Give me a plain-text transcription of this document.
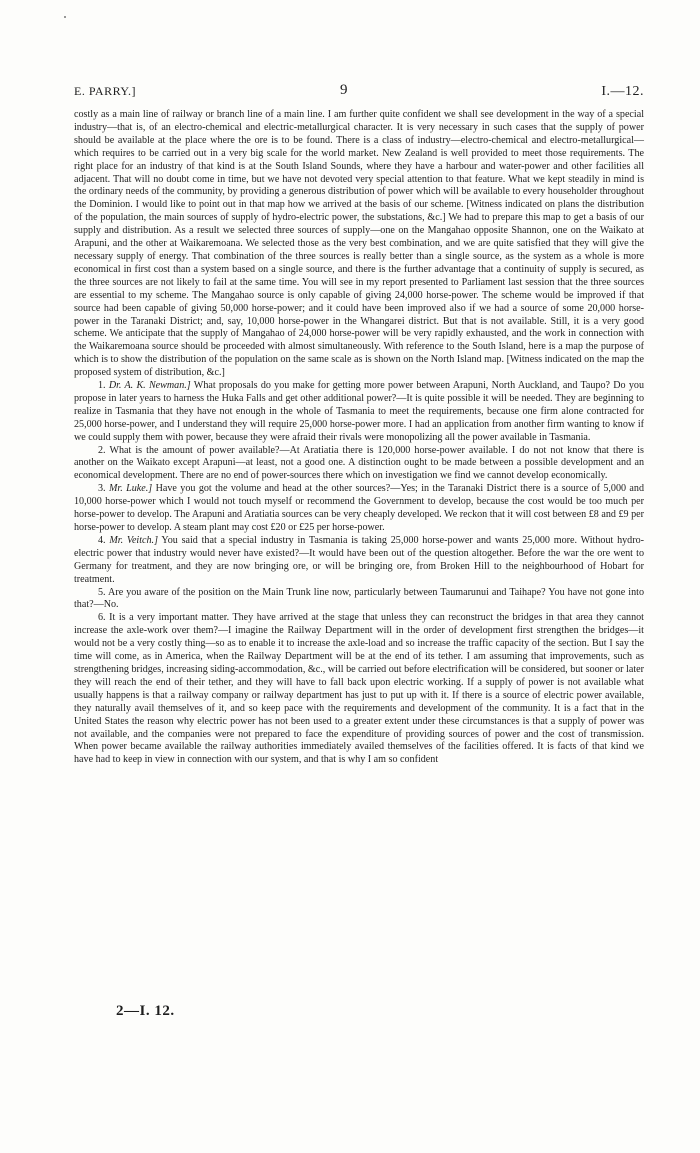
E. PARRY.]	9	I.—12.

costly as a main line of railway or branch line of a main line. I am further quite confident we shall see development in the way of a special industry—that is, of an electro-chemical and electric-metallurgical character. It is very necessary in such cases that the supply of power should be available at the place where the ore is to be found. There is a class of industry—electro-chemical and electro-metallurgical—which requires to be carried out in a very big scale for the world market. New Zealand is well provided to meet those requirements. The right place for an industry of that kind is at the South Island Sounds, where they have a harbour and water-power and other facilities all adjacent. That will no doubt come in time, but we have not devoted very special attention to that feature. What we kept steadily in mind is the ordinary needs of the community, by providing a generous distribution of power which will be available to every householder throughout the Dominion. I would like to point out in that map how we arrived at the basis of our scheme. [Witness indicated on plans the distribution of the population, the main sources of supply of hydro-electric power, the substations, &c.] We had to prepare this map to get a basis of our supply and distribution. As a result we selected three sources of supply—one on the Mangahao opposite Shannon, one on the Waikato at Arapuni, and the other at Waikaremoana. We selected those as the very best combination, and we are quite satisfied that they will give the necessary supply of energy. That combination of the three sources is really better than a single source, as the system as a whole is more economical in first cost than a system based on a single source, and there is the further advantage that a continuity of supply is secured, as the three sources are not likely to fail at the same time. You will see in my report presented to Parliament last session that the three sources are essential to my scheme. The Mangahao source is only capable of giving 24,000 horse-power. The scheme would be improved if that source had been capable of giving 50,000 horse-power; and it could have been improved also if we had a source of some 20,000 horse-power in the Taranaki District; and, say, 10,000 horse-power in the Whangarei district. But that is not available. Still, it is a very good scheme. We anticipate that the supply of Mangahao of 24,000 horse-power will be very rapidly exhausted, and the work in connection with the Waikaremoana source should be proceeded with almost simultaneously. With reference to the South Island, here is a map the purpose of which is to show the distribution of the population on the same scale as is shown on the North Island map. [Witness indicated on the map the proposed system of distribution, &c.]

1. Dr. A. K. Newman.] What proposals do you make for getting more power between Arapuni, North Auckland, and Taupo? Do you propose in later years to harness the Huka Falls and get other additional power?—It is quite possible it will be needed. They are beginning to realize in Tasmania that they have not enough in the whole of Tasmania to meet the requirements, because one firm alone contracted for 25,000 horse-power, and I understand they will require 25,000 horse-power more. I had an application from another firm wanting to know if we could supply them with power, because they were afraid their rivals were monopolizing all the power available in Tasmania.

2. What is the amount of power available?—At Aratiatia there is 120,000 horse-power available. I do not not know that there is another on the Waikato except Arapuni—at least, not a good one. A distinction ought to be made between a possible development and an economical development. There are no end of power-sources there which on investigation we find we cannot develop economically.

3. Mr. Luke.] Have you got the volume and head at the other sources?—Yes; in the Taranaki District there is a source of 5,000 and 10,000 horse-power which I would not touch myself or recommend the Government to develop, because the cost would be too much per horse-power to develop. The Arapuni and Aratiatia sources can be very cheaply developed. We reckon that it will cost between £8 and £9 per horse-power to develop. A steam plant may cost £20 or £25 per horse-power.

4. Mr. Veitch.] You said that a special industry in Tasmania is taking 25,000 horse-power and wants 25,000 more. Without hydro-electric power that industry would never have existed?—It would have been out of the question altogether. Before the war the ore went to Germany for treatment, and they are now bringing ore, or will be bringing ore, from Broken Hill to the neighbourhood of Hobart for treatment.

5. Are you aware of the position on the Main Trunk line now, particularly between Taumarunui and Taihape? You have not gone into that?—No.

6. It is a very important matter. They have arrived at the stage that unless they can reconstruct the bridges in that area they cannot increase the axle-work over them?—I imagine the Railway Department will in the order of development first strengthen the bridges—it would not be a very costly thing—so as to enable it to increase the axle-load and so increase the traffic capacity of the section. But I say the time will come, as in America, when the Railway Department will be at the end of its tether. I am assuming that improvements, such as strengthening bridges, increasing siding-accommodation, &c., will be carried out before electrification will be considered, but sooner or later they will reach the end of their tether, and they will have to fall back upon electric working. If a supply of power is not available what usually happens is that a railway company or railway department has just to put up with it. If there is a source of electric power available, they naturally avail themselves of it, and so keep pace with the requirements and development of the community. It is a fact that in the United States the reason why electric power has not been used to a greater extent under these circumstances is that a supply of power was not available, and the companies were not prepared to face the expenditure of providing sources of power and the cost of transmission. When power became available the railway authorities immediately availed themselves of the facilities offered. It is facts of that kind we have had to keep in view in connection with our system, and that is why I am so confident

2—I. 12.
